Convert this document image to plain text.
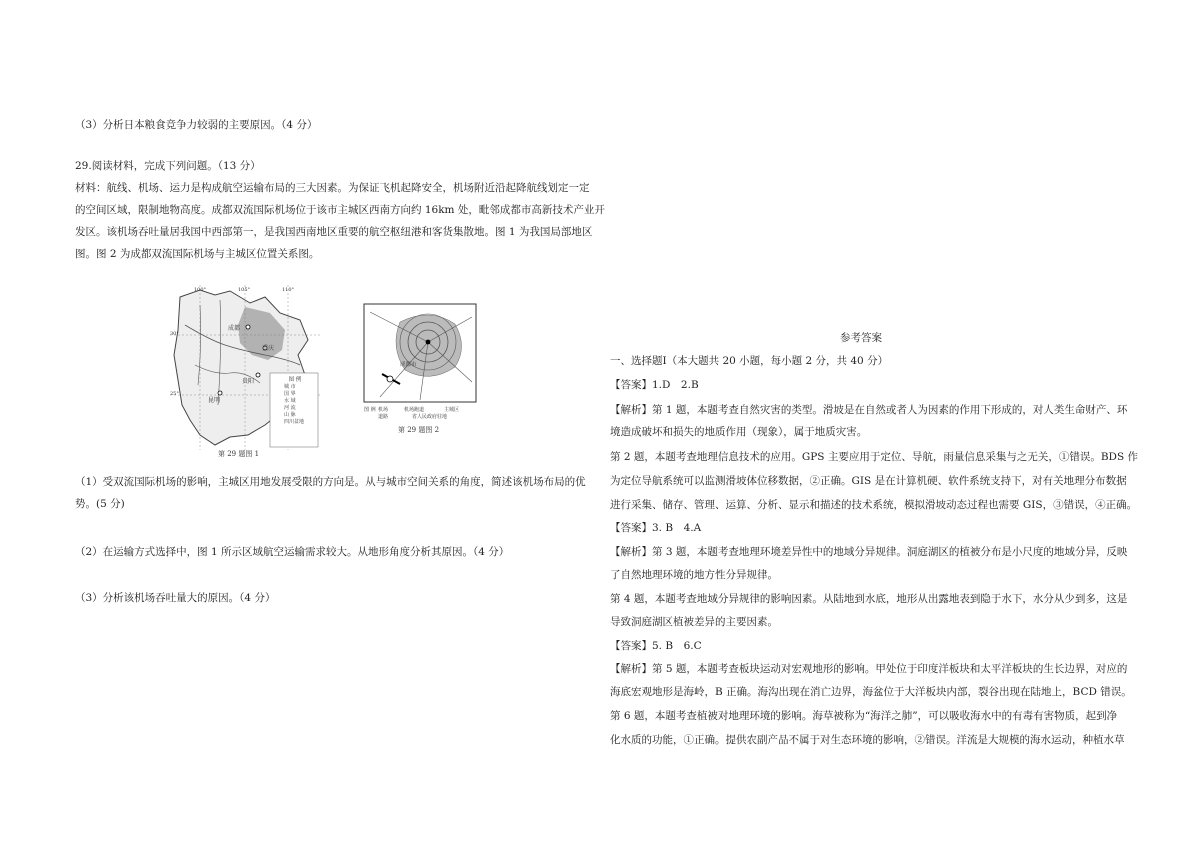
（3）分析日本粮食竞争力较弱的主要原因。（4 分）
29.阅读材料，完成下列问题。（13 分）
材料：航线、机场、运力是构成航空运输布局的三大因素。为保证飞机起降安全，机场附近沿起降航线划定一定
的空间区域，限制地物高度。成都双流国际机场位于该市主城区西南方向约 16km 处，毗邻成都市高新技术产业开
发区。该机场吞吐量居我国中西部第一，是我国西南地区重要的航空枢纽港和客货集散地。图 1 为我国局部地区
图。图 2 为成都双流国际机场与主城区位置关系图。
成都
重庆
贵阳
昆明
105°	110°
30°
25°
100°
图 例
城 市
国 界
水 域
河 流
山 脉
四川盆地
第 29 题图 1
成都市
图 例 机场	机场跑道	主城区
道路	省人民政府驻地
第 29 题图 2
（1）受双流国际机场的影响，主城区用地发展受限的方向是。从与城市空间关系的角度，简述该机场布局的优
势。(5 分)
（2）在运输方式选择中，图 1 所示区域航空运输需求较大。从地形角度分析其原因。（4 分）
（3）分析该机场吞吐量大的原因。（4 分）
参考答案
一、选择题Ⅰ（本大题共 20 小题，每小题 2 分，共 40 分）
【答案】1.D　2.B
【解析】第 1 题，本题考查自然灾害的类型。滑坡是在自然或者人为因素的作用下形成的，对人类生命财产、环
境造成破坏和损失的地质作用（现象），属于地质灾害。
第 2 题，本题考查地理信息技术的应用。GPS 主要应用于定位、导航，雨量信息采集与之无关，①错误。BDS 作
为定位导航系统可以监测滑坡体位移数据，②正确。GIS 是在计算机硬、软件系统支持下，对有关地理分布数据
进行采集、储存、管理、运算、分析、显示和描述的技术系统，模拟滑坡动态过程也需要 GIS，③错误，④正确。
【答案】3. B　4.A
【解析】第 3 题，本题考查地理环境差异性中的地域分异规律。洞庭湖区的植被分布是小尺度的地域分异，反映
了自然地理环境的地方性分异规律。
第 4 题，本题考查地域分异规律的影响因素。从陆地到水底，地形从出露地表到隐于水下，水分从少到多，这是
导致洞庭湖区植被差异的主要因素。
【答案】5. B　6.C
【解析】第 5 题，本题考查板块运动对宏观地形的影响。甲处位于印度洋板块和太平洋板块的生长边界，对应的
海底宏观地形是海岭，B 正确。海沟出现在消亡边界，海盆位于大洋板块内部，裂谷出现在陆地上，BCD 错误。
第 6 题，本题考查植被对地理环境的影响。海草被称为“海洋之肺”，可以吸收海水中的有毒有害物质，起到净
化水质的功能，①正确。提供农副产品不属于对生态环境的影响，②错误。洋流是大规模的海水运动，种植水草
